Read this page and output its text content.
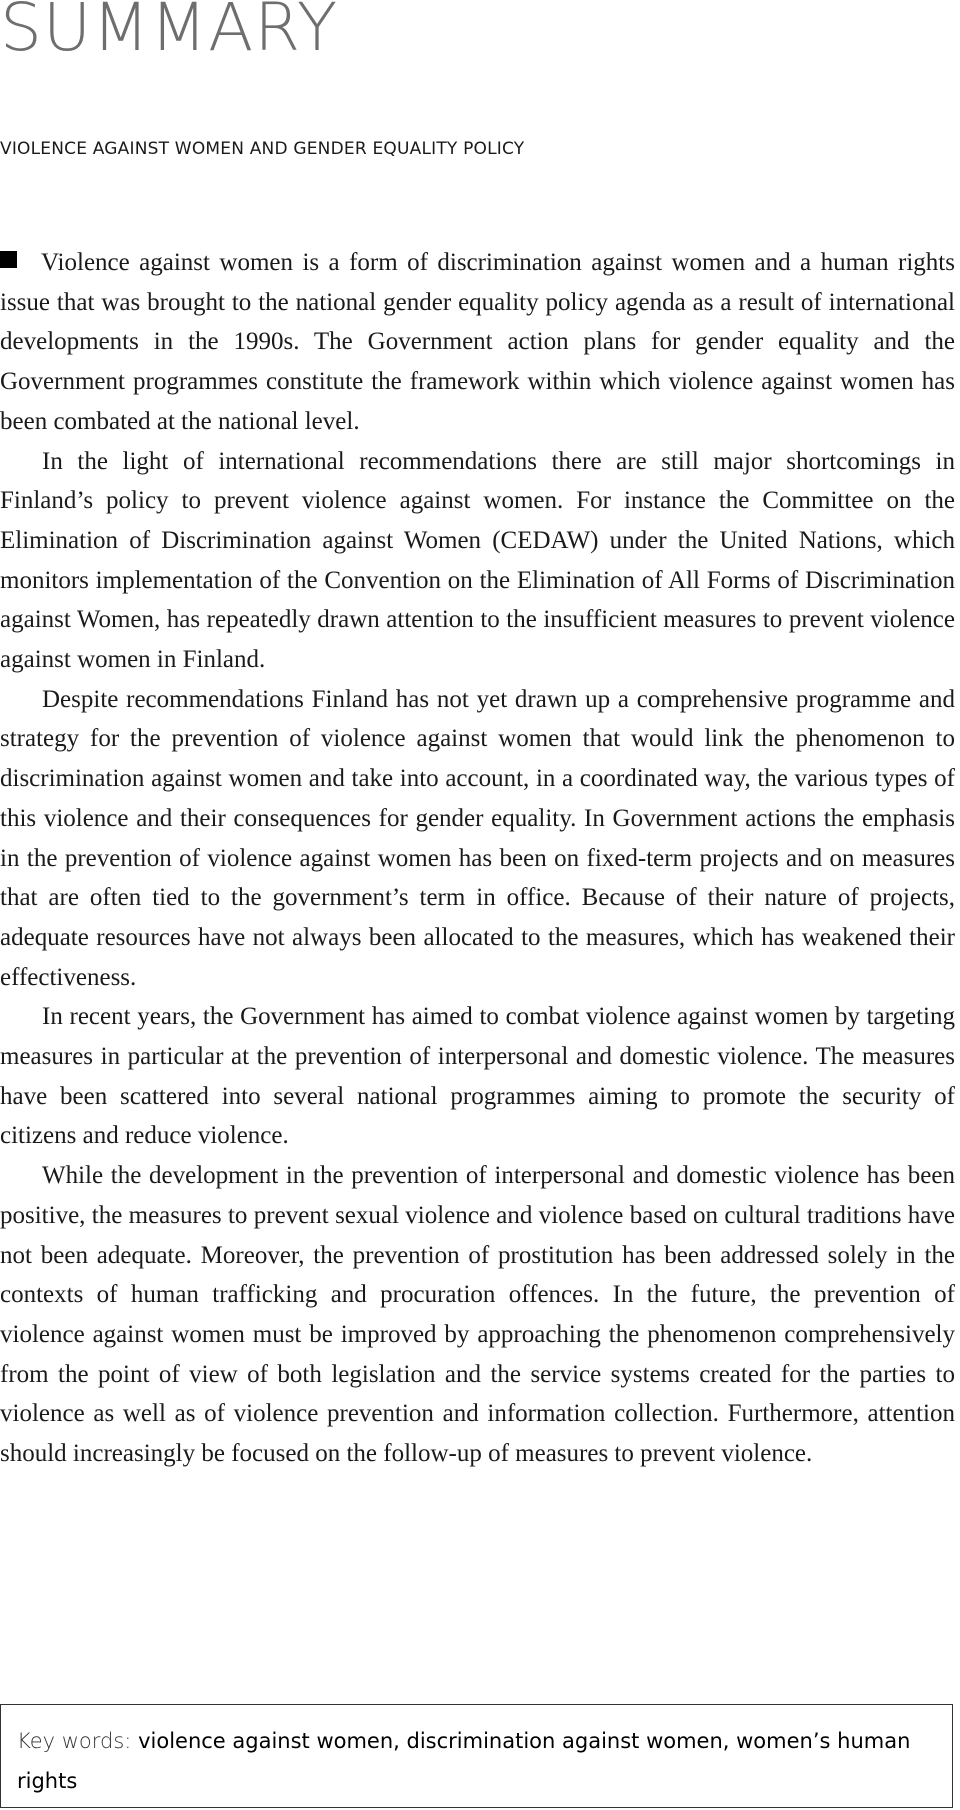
SUMMARY
VIOLENCE AGAINST WOMEN AND GENDER EQUALITY POLICY

Violence against women is a form of discrimination against women and a human rights issue that was brought to the national gender equality policy agenda as a result of international developments in the 1990s. The Government action plans for gender equality and the Government programmes constitute the framework within which violence against women has been combated at the national level.

In the light of international recommendations there are still major shortcomings in Finland’s policy to prevent violence against women. For instance the Committee on the Elimination of Discrimination against Women (CEDAW) under the United Nations, which monitors implementation of the Convention on the Elimination of All Forms of Discrimination against Women, has repeatedly drawn attention to the insufficient measures to prevent violence against women in Finland.

Despite recommendations Finland has not yet drawn up a comprehensive programme and strategy for the prevention of violence against women that would link the phenomenon to discrimination against women and take into account, in a coordinated way, the various types of this violence and their consequences for gender equality. In Government actions the emphasis in the prevention of violence against women has been on fixed-term projects and on measures that are often tied to the government’s term in office. Because of their nature of projects, adequate resources have not always been allocated to the measures, which has weakened their effectiveness.

In recent years, the Government has aimed to combat violence against women by targeting measures in particular at the prevention of interpersonal and domestic violence. The measures have been scattered into several national programmes aiming to promote the security of citizens and reduce violence.

While the development in the prevention of interpersonal and domestic violence has been positive, the measures to prevent sexual violence and violence based on cultural traditions have not been adequate. Moreover, the prevention of prostitution has been addressed solely in the contexts of human trafficking and procuration offences. In the future, the prevention of violence against women must be improved by approaching the phenomenon comprehensively from the point of view of both legislation and the service systems created for the parties to violence as well as of violence prevention and information collection. Furthermore, attention should increasingly be focused on the follow-up of measures to prevent violence.

Key words: violence against women, discrimination against women, women’s human rights
